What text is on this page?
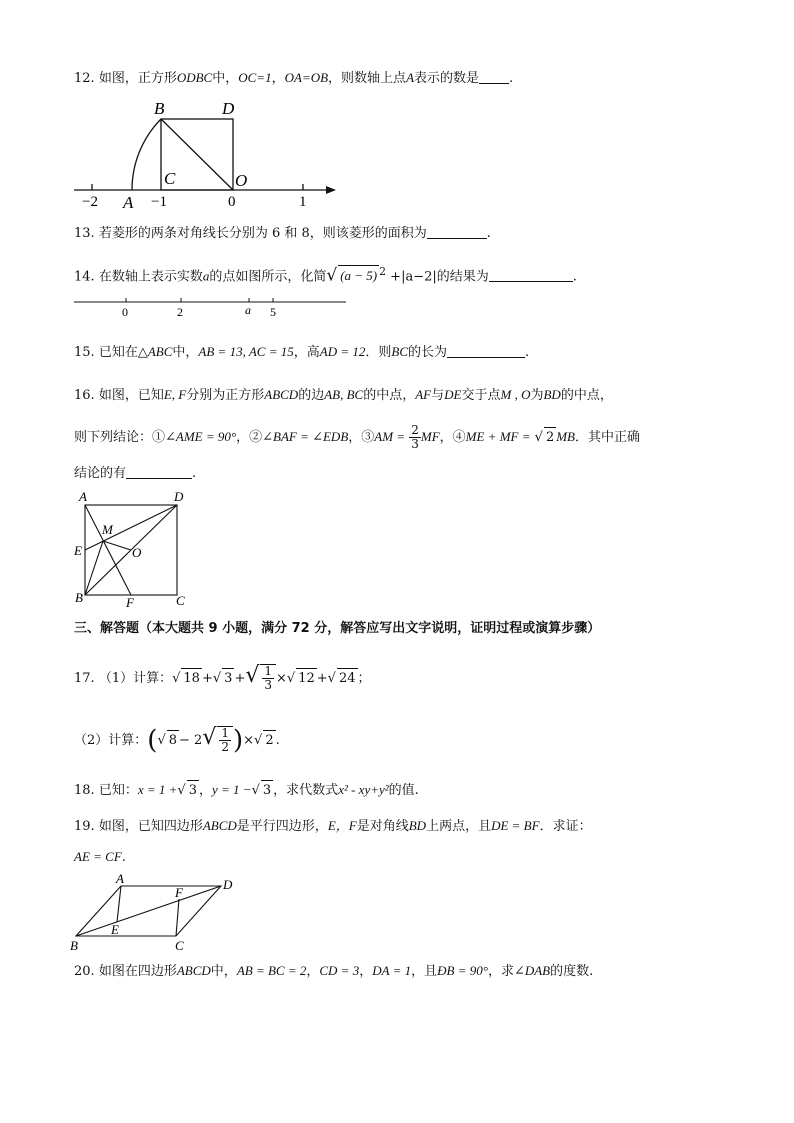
12. 如图，正方形ODBC中，OC=1，OA=OB，则数轴上点A表示的数是 .
B	D
C	O
A
−2	−1	0	1
13. 若菱形的两条对角线长分别为 6 和 8，则该菱形的面积为	.
14. 在数轴上表示实数a的点如图所示，化简√ (a − 5) $^2$ +|a−2|的结果为	.
0	2	a 5
15. 已知在△ABC中，AB = 13, AC = 15，高AD = 12．则BC的长为	.
16. 如图，已知E, F分别为正方形ABCD的边AB, BC的中点，AF与DE交于点M , O为BD的中点，
则下列结论：①∠AME = 90°，②∠BAF = ∠EDB，③AM = $\frac{2}{3}$ MF，④ME + MF = √ 2 MB．其中正确
结论的有	.
A	D
M
E	O
B	F	C
三、解答题（本大题共 9 小题，满分 72 分，解答应写出文字说明，证明过程或演算步骤）
17. （1）计算：√ 18 +√ 3 +√ $\frac{1}{3}$ ×√ 12 +√ 24 ；
（2）计算：(√ $8 - 2√ \frac{1}{2}$ )×√ 2 .
18. 已知：x = 1 +√ 3 ，y = 1 −√ 3 ，求代数式x² - xy+y²的值.
19. 如图，已知四边形ABCD是平行四边形，E，F是对角线BD上两点，且DE = BF．求证：
AE = CF.
A
F
D
B
E
C
20. 如图在四边形ABCD中，AB = BC = 2，CD = 3，DA = 1，且ÐB = 90°，求∠DAB的度数.
